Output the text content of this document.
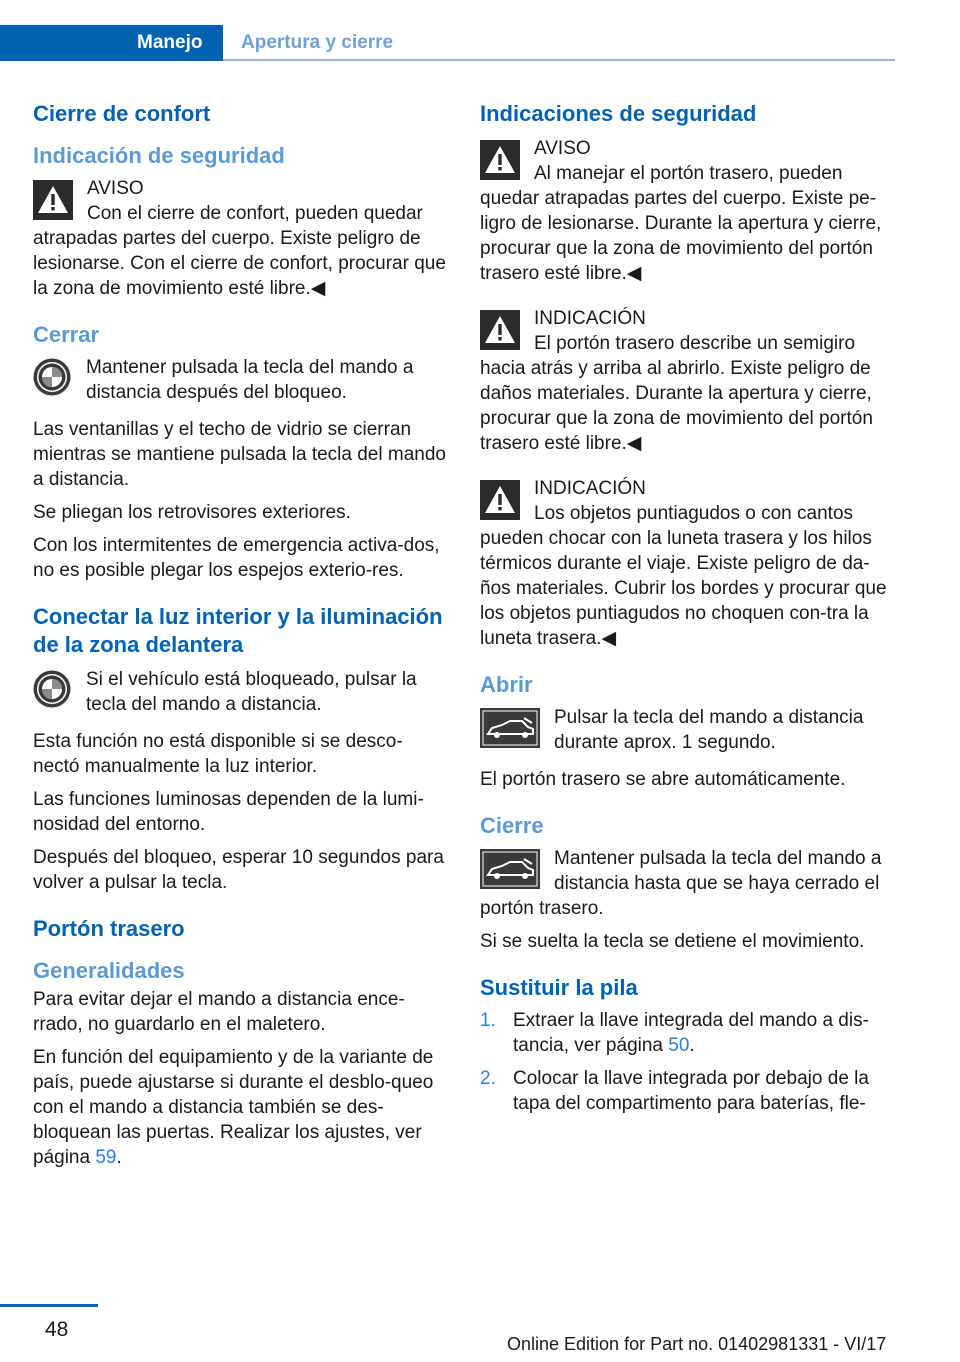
Manejo	Apertura y cierre
Cierre de confort
Indicación de seguridad
AVISO
Con el cierre de confort, pueden quedar atrapadas partes del cuerpo. Existe peligro de lesionarse. Con el cierre de confort, procurar que la zona de movimiento esté libre.◀
Cerrar
Mantener pulsada la tecla del mando a distancia después del bloqueo.

Las ventanillas y el techo de vidrio se cierran mientras se mantiene pulsada la tecla del mando a distancia.

Se pliegan los retrovisores exteriores.

Con los intermitentes de emergencia activa‐dos, no es posible plegar los espejos exterio‐res.

Conectar la luz interior y la iluminación de la zona delantera
Si el vehículo está bloqueado, pulsar la tecla del mando a distancia.

Esta función no está disponible si se desco‐nectó manualmente la luz interior.

Las funciones luminosas dependen de la lumi‐nosidad del entorno.

Después del bloqueo, esperar 10 segundos para volver a pulsar la tecla.

Portón trasero
Generalidades

Para evitar dejar el mando a distancia ence‐rrado, no guardarlo en el maletero.

En función del equipamiento y de la variante de país, puede ajustarse si durante el desblo‐queo con el mando a distancia también se des‐bloquean las puertas. Realizar los ajustes, ver página 59.

Indicaciones de seguridad
AVISO
Al manejar el portón trasero, pueden quedar atrapadas partes del cuerpo. Existe pe‐ligro de lesionarse. Durante la apertura y cierre, procurar que la zona de movimiento del portón trasero esté libre.◀
INDICACIÓN
El portón trasero describe un semigiro hacia atrás y arriba al abrirlo. Existe peligro de daños materiales. Durante la apertura y cierre, procurar que la zona de movimiento del portón trasero esté libre.◀
INDICACIÓN
Los objetos puntiagudos o con cantos pueden chocar con la luneta trasera y los hilos térmicos durante el viaje. Existe peligro de da‐ños materiales. Cubrir los bordes y procurar que los objetos puntiagudos no choquen con‐tra la luneta trasera.◀
Abrir
Pulsar la tecla del mando a distancia durante aprox. 1 segundo.

El portón trasero se abre automáticamente.

Cierre
Mantener pulsada la tecla del mando a distancia hasta que se haya cerrado el portón trasero.

Si se suelta la tecla se detiene el movimiento.

Sustituir la pila
1. Extraer la llave integrada del mando a dis‐tancia, ver página 50.
2. Colocar la llave integrada por debajo de la tapa del compartimento para baterías, fle‐
48
Online Edition for Part no. 01402981331 - VI/17
